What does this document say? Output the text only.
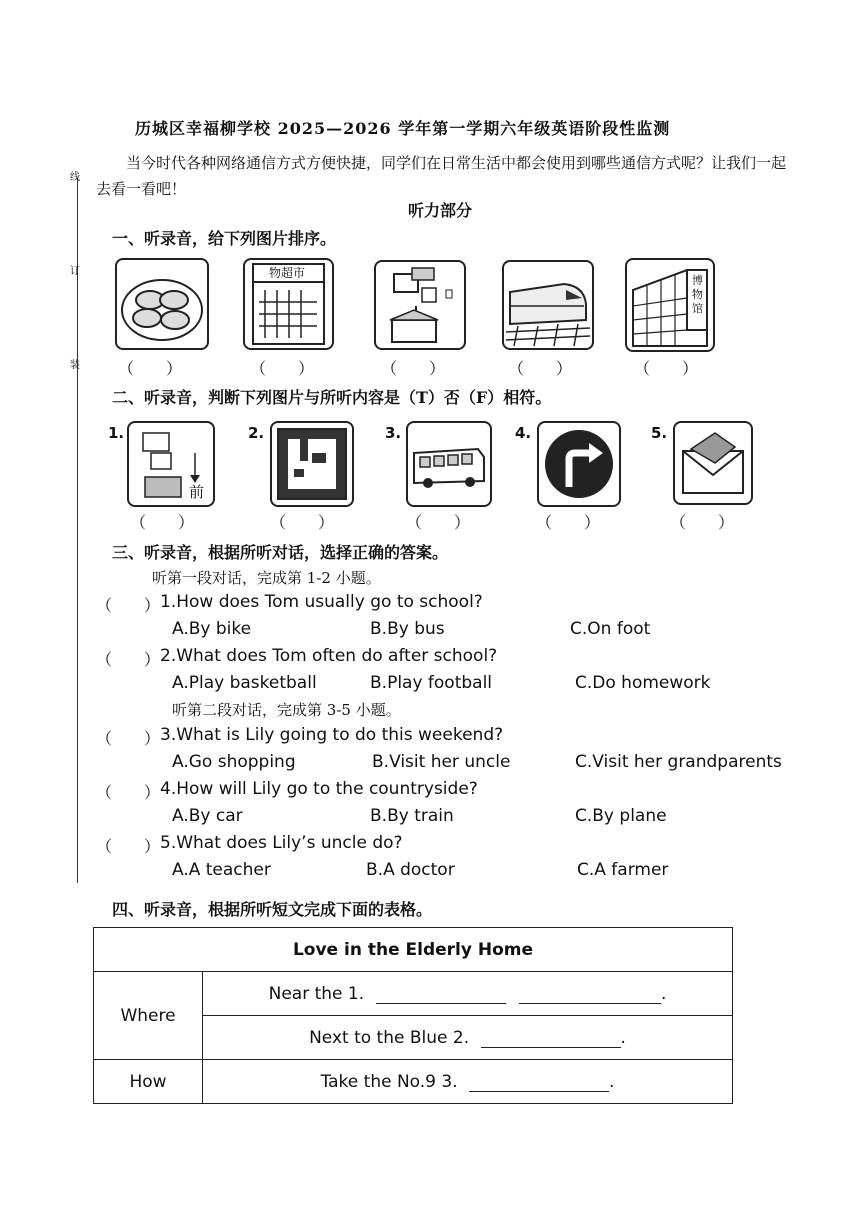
历城区幸福柳学校 2025—2026 学年第一学期六年级英语阶段性监测
当今时代各种网络通信方式方便快捷，同学们在日常生活中都会使用到哪些通信方式呢？让我们一起去看一看吧！
听力部分
线
订
装
一、听录音，给下列图片排序。
物超市
博物馆
（　　）	（　　）	（　　）	（　　）	（　　）
二、听录音，判断下列图片与所听内容是（T）否（F）相符。
1.
前
2.	3.	4.	5.
（　　）	（　　）	（　　）	（　　）	（　　）
三、听录音，根据所听对话，选择正确的答案。
听第一段对话，完成第 1-2 小题。
（　　） 1.How does Tom usually go to school?
A.By bike	B.By bus	C.On foot
（　　） 2.What does Tom often do after school?
A.Play basketball	B.Play football	C.Do homework
听第二段对话，完成第 3-5 小题。
（　　） 3.What is Lily going to do this weekend?
A.Go shopping	B.Visit her uncle	C.Visit her grandparents
（　　） 4.How will Lily go to the countryside?
A.By car	B.By train	C.By plane
（　　） 5.What does Lily’s uncle do?
A.A teacher	B.A doctor	C.A farmer
四、听录音，根据所听短文完成下面的表格。
Love in the Elderly Home	
Where	Near the 1. .
	Next to the Blue 2. .
How	Take the No.9 3. .
